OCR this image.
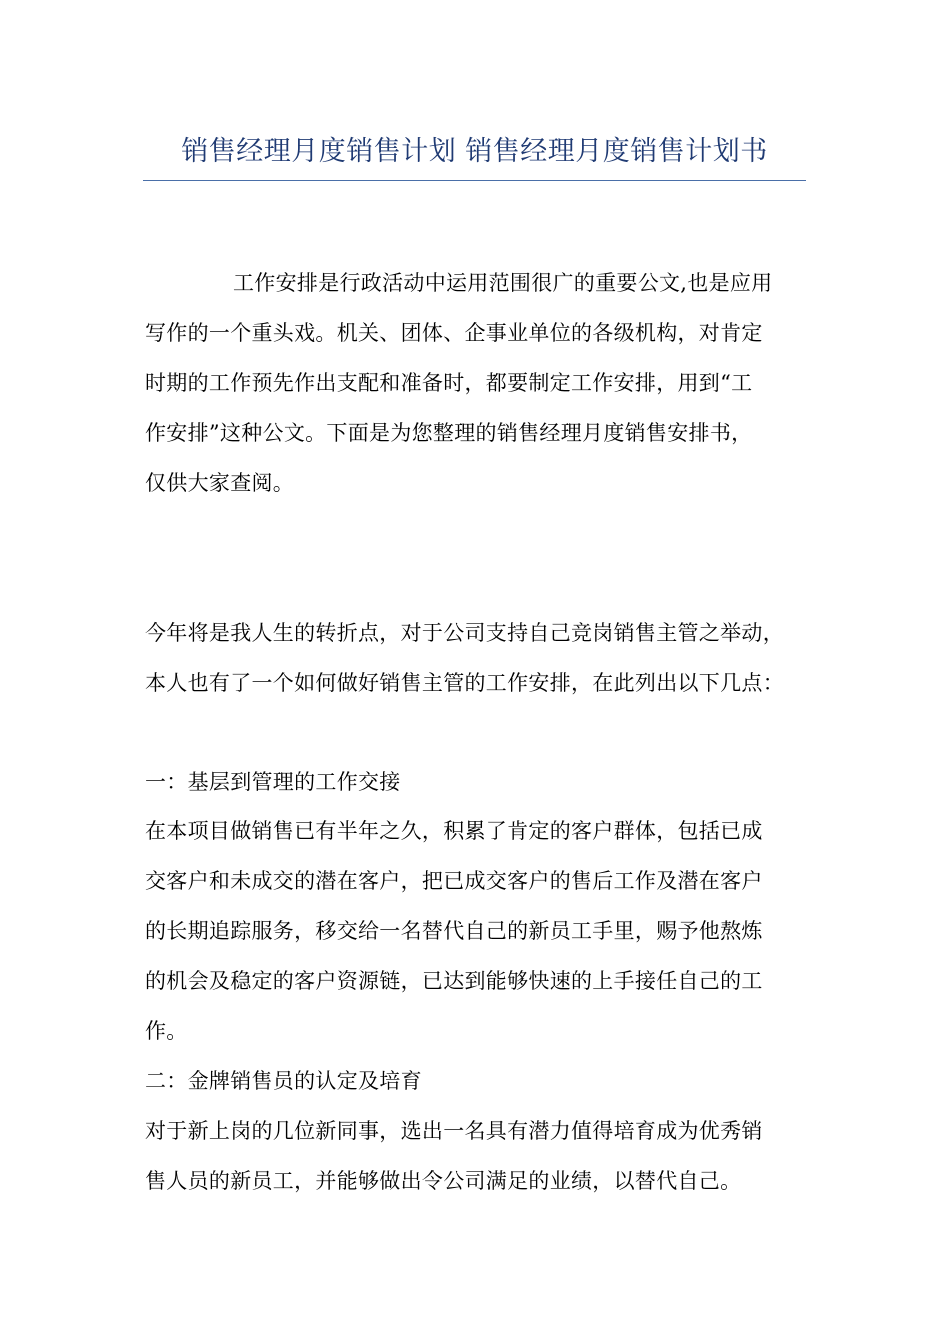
销售经理月度销售计划 销售经理月度销售计划书
工作安排是行政活动中运用范围很广的重要公文,也是应用
写作的一个重头戏。机关、团体、企事业单位的各级机构，对肯定
时期的工作预先作出支配和准备时，都要制定工作安排，用到“工
作安排”这种公文。下面是为您整理的销售经理月度销售安排书，
仅供大家查阅。
今年将是我人生的转折点，对于公司支持自己竞岗销售主管之举动，
本人也有了一个如何做好销售主管的工作安排，在此列出以下几点：
一：基层到管理的工作交接
在本项目做销售已有半年之久，积累了肯定的客户群体，包括已成
交客户和未成交的潜在客户，把已成交客户的售后工作及潜在客户
的长期追踪服务，移交给一名替代自己的新员工手里，赐予他熬炼
的机会及稳定的客户资源链，已达到能够快速的上手接任自己的工
作。
二：金牌销售员的认定及培育
对于新上岗的几位新同事，选出一名具有潜力值得培育成为优秀销
售人员的新员工，并能够做出令公司满足的业绩，以替代自己。
